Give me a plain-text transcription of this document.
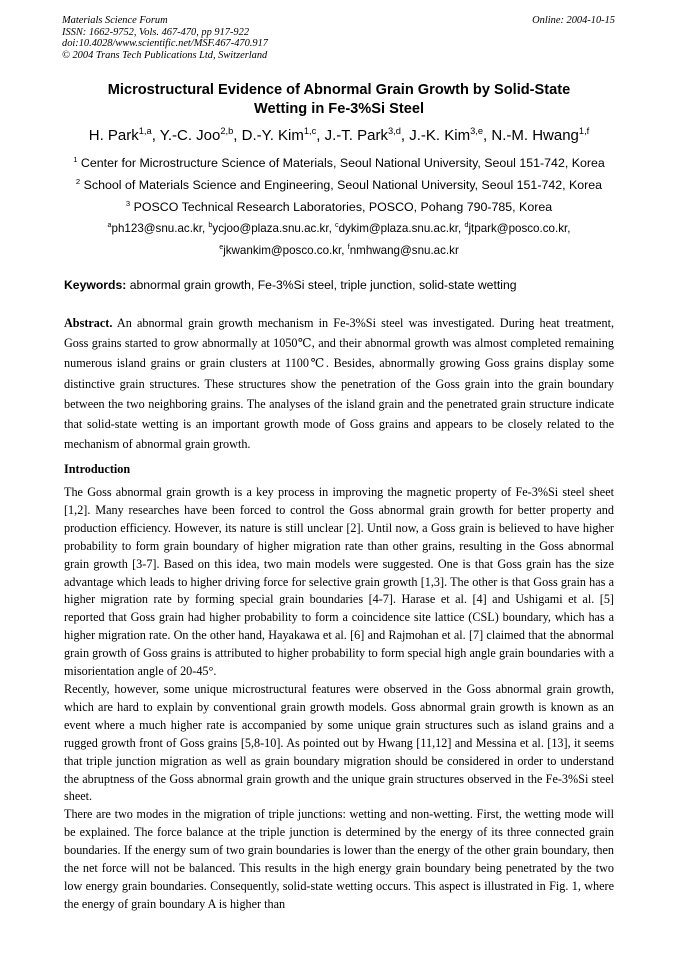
Materials Science Forum
ISSN: 1662-9752, Vols. 467-470, pp 917-922
doi:10.4028/www.scientific.net/MSF.467-470.917
© 2004 Trans Tech Publications Ltd, Switzerland
Online: 2004-10-15
Microstructural Evidence of Abnormal Grain Growth by Solid-State
Wetting in Fe-3%Si Steel
H. Park$^{1,a}$, Y.-C. Joo$^{2,b}$, D.-Y. Kim$^{1,c}$, J.-T. Park$^{3,d}$, J.-K. Kim$^{3,e}$, N.-M. Hwang$^{1,f}$
$^1$ Center for Microstructure Science of Materials, Seoul National University, Seoul 151-742, Korea
$^2$ School of Materials Science and Engineering, Seoul National University, Seoul 151-742, Korea
$^3$ POSCO Technical Research Laboratories, POSCO, Pohang 790-785, Korea
$^a$ph123@snu.ac.kr, $^b$ycjoo@plaza.snu.ac.kr, $^c$dykim@plaza.snu.ac.kr, $^d$jtpark@posco.co.kr,
$^e$jkwankim@posco.co.kr, $^f$nmhwang@snu.ac.kr
Keywords: abnormal grain growth, Fe-3%Si steel, triple junction, solid-state wetting
Abstract. An abnormal grain growth mechanism in Fe-3%Si steel was investigated. During heat treatment, Goss grains started to grow abnormally at 1050℃, and their abnormal growth was almost completed remaining numerous island grains or grain clusters at 1100℃. Besides, abnormally growing Goss grains display some distinctive grain structures. These structures show the penetration of the Goss grain into the grain boundary between the two neighboring grains. The analyses of the island grain and the penetrated grain structure indicate that solid-state wetting is an important growth mode of Goss grains and appears to be closely related to the mechanism of abnormal grain growth.
Introduction

The Goss abnormal grain growth is a key process in improving the magnetic property of Fe-3%Si steel sheet [1,2]. Many researches have been forced to control the Goss abnormal grain growth for better property and production efficiency. However, its nature is still unclear [2]. Until now, a Goss grain is believed to have higher probability to form grain boundary of higher migration rate than other grains, resulting in the Goss abnormal grain growth [3-7]. Based on this idea, two main models were suggested. One is that Goss grain has the size advantage which leads to higher driving force for selective grain growth [1,3]. The other is that Goss grain has a higher migration rate by forming special grain boundaries [4-7]. Harase et al. [4] and Ushigami et al. [5] reported that Goss grain had higher probability to form a coincidence site lattice (CSL) boundary, which has a higher migration rate. On the other hand, Hayakawa et al. [6] and Rajmohan et al. [7] claimed that the abnormal grain growth of Goss grains is attributed to higher probability to form special high angle grain boundaries with a misorientation angle of 20-45°.

Recently, however, some unique microstructural features were observed in the Goss abnormal grain growth, which are hard to explain by conventional grain growth models. Goss abnormal grain growth is known as an event where a much higher rate is accompanied by some unique grain structures such as island grains and a rugged growth front of Goss grains [5,8-10]. As pointed out by Hwang [11,12] and Messina et al. [13], it seems that triple junction migration as well as grain boundary migration should be considered in order to understand the abruptness of the Goss abnormal grain growth and the unique grain structures observed in the Fe-3%Si steel sheet.

There are two modes in the migration of triple junctions: wetting and non-wetting. First, the wetting mode will be explained. The force balance at the triple junction is determined by the energy of its three connected grain boundaries. If the energy sum of two grain boundaries is lower than the energy of the other grain boundary, then the net force will not be balanced. This results in the high energy grain boundary being penetrated by the two low energy grain boundaries. Consequently, solid-state wetting occurs. This aspect is illustrated in Fig. 1, where the energy of grain boundary A is higher than
